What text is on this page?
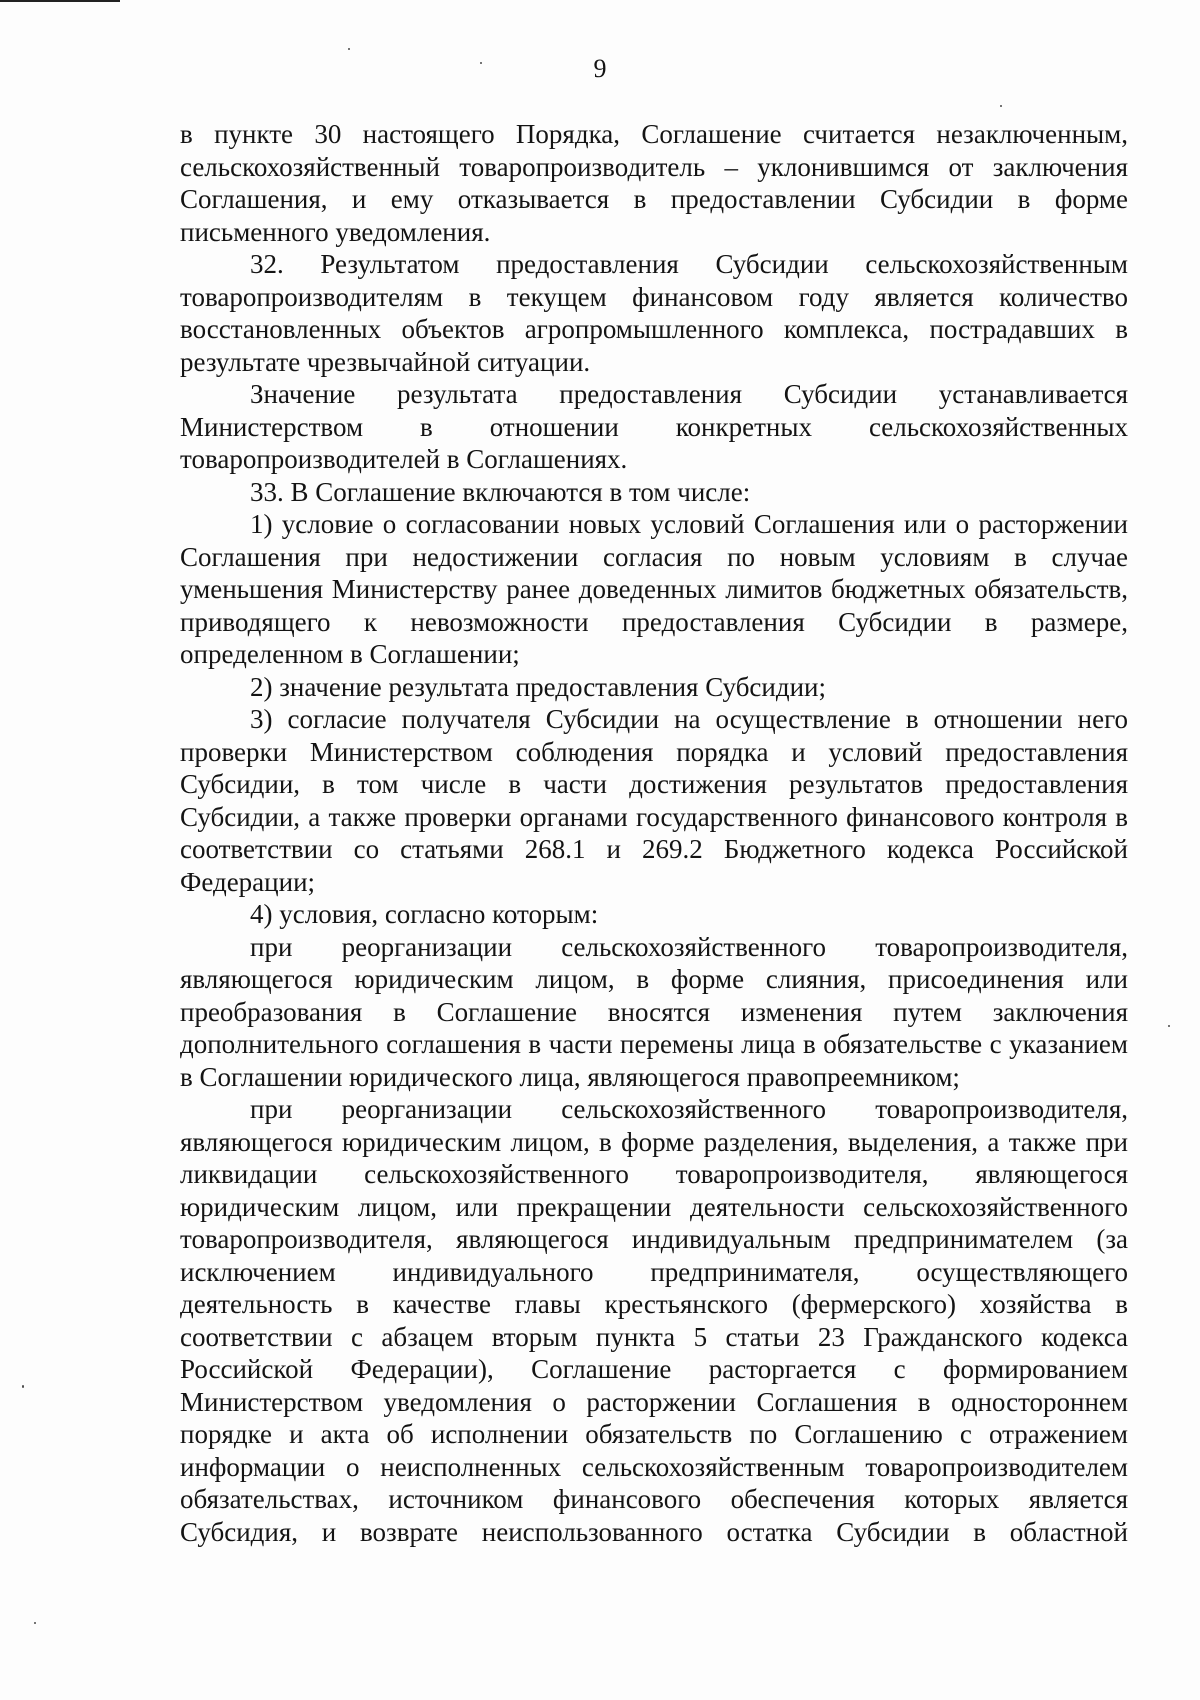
9

в пункте 30 настоящего Порядка, Соглашение считается незаключенным, сельскохозяйственный товаропроизводитель – уклонившимся от заключения Соглашения, и ему отказывается в предоставлении Субсидии в форме письменного уведомления.

32. Результатом предоставления Субсидии сельскохозяйственным товаропроизводителям в текущем финансовом году является количество восстановленных объектов агропромышленного комплекса, пострадавших в результате чрезвычайной ситуации.

Значение результата предоставления Субсидии устанавливается Министерством в отношении конкретных сельскохозяйственных товаропроизводителей в Соглашениях.

33. В Соглашение включаются в том числе:

1) условие о согласовании новых условий Соглашения или о расторжении Соглашения при недостижении согласия по новым условиям в случае уменьшения Министерству ранее доведенных лимитов бюджетных обязательств, приводящего к невозможности предоставления Субсидии в размере, определенном в Соглашении;

2) значение результата предоставления Субсидии;

3) согласие получателя Субсидии на осуществление в отношении него проверки Министерством соблюдения порядка и условий предоставления Субсидии, в том числе в части достижения результатов предоставления Субсидии, а также проверки органами государственного финансового контроля в соответствии со статьями 268.1 и 269.2 Бюджетного кодекса Российской Федерации;

4) условия, согласно которым:

при реорганизации сельскохозяйственного товаропроизводителя, являющегося юридическим лицом, в форме слияния, присоединения или преобразования в Соглашение вносятся изменения путем заключения дополнительного соглашения в части перемены лица в обязательстве с указанием в Соглашении юридического лица, являющегося правопреемником;

при реорганизации сельскохозяйственного товаропроизводителя, являющегося юридическим лицом, в форме разделения, выделения, а также при ликвидации сельскохозяйственного товаропроизводителя, являющегося юридическим лицом, или прекращении деятельности сельскохозяйственного товаропроизводителя, являющегося индивидуальным предпринимателем (за исключением индивидуального предпринимателя, осуществляющего деятельность в качестве главы крестьянского (фермерского) хозяйства в соответствии с абзацем вторым пункта 5 статьи 23 Гражданского кодекса Российской Федерации), Соглашение расторгается с формированием Министерством уведомления о расторжении Соглашения в одностороннем порядке и акта об исполнении обязательств по Соглашению с отражением информации о неисполненных сельскохозяйственным товаропроизводителем обязательствах, источником финансового обеспечения которых является Субсидия, и возврате неиспользованного остатка Субсидии в областной
